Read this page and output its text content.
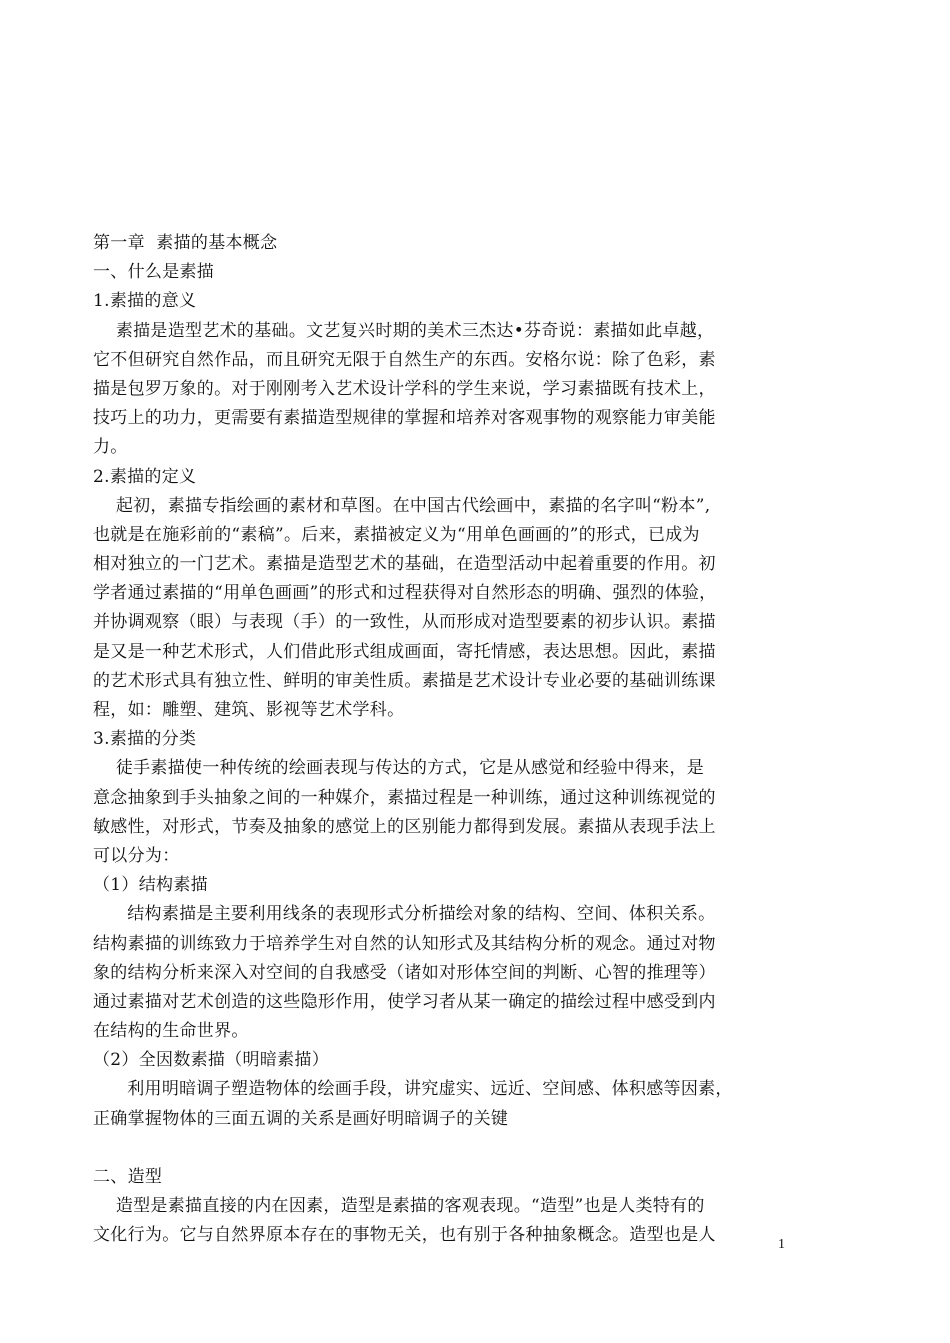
第一章  素描的基本概念
一、什么是素描
1.素描的意义
素描是造型艺术的基础。文艺复兴时期的美术三杰达•芬奇说：素描如此卓越，
它不但研究自然作品，而且研究无限于自然生产的东西。安格尔说：除了色彩，素
描是包罗万象的。对于刚刚考入艺术设计学科的学生来说，学习素描既有技术上，
技巧上的功力，更需要有素描造型规律的掌握和培养对客观事物的观察能力审美能
力。
2.素描的定义
起初，素描专指绘画的素材和草图。在中国古代绘画中，素描的名字叫“粉本”,
也就是在施彩前的“素稿”。后来，素描被定义为“用单色画画的”的形式，已成为
相对独立的一门艺术。素描是造型艺术的基础，在造型活动中起着重要的作用。初
学者通过素描的“用单色画画”的形式和过程获得对自然形态的明确、强烈的体验，
并协调观察（眼）与表现（手）的一致性，从而形成对造型要素的初步认识。素描
是又是一种艺术形式，人们借此形式组成画面，寄托情感，表达思想。因此，素描
的艺术形式具有独立性、鲜明的审美性质。素描是艺术设计专业必要的基础训练课
程，如：雕塑、建筑、影视等艺术学科。
3.素描的分类
徒手素描使一种传统的绘画表现与传达的方式，它是从感觉和经验中得来，是
意念抽象到手头抽象之间的一种媒介，素描过程是一种训练，通过这种训练视觉的
敏感性，对形式，节奏及抽象的感觉上的区别能力都得到发展。素描从表现手法上
可以分为：
（1）结构素描
结构素描是主要利用线条的表现形式分析描绘对象的结构、空间、体积关系。
结构素描的训练致力于培养学生对自然的认知形式及其结构分析的观念。通过对物
象的结构分析来深入对空间的自我感受（诸如对形体空间的判断、心智的推理等）
通过素描对艺术创造的这些隐形作用，使学习者从某一确定的描绘过程中感受到内
在结构的生命世界。
（2）全因数素描（明暗素描）
利用明暗调子塑造物体的绘画手段，讲究虚实、远近、空间感、体积感等因素，
正确掌握物体的三面五调的关系是画好明暗调子的关键
二、造型
造型是素描直接的内在因素，造型是素描的客观表现。“造型”也是人类特有的
文化行为。它与自然界原本存在的事物无关，也有别于各种抽象概念。造型也是人	1
